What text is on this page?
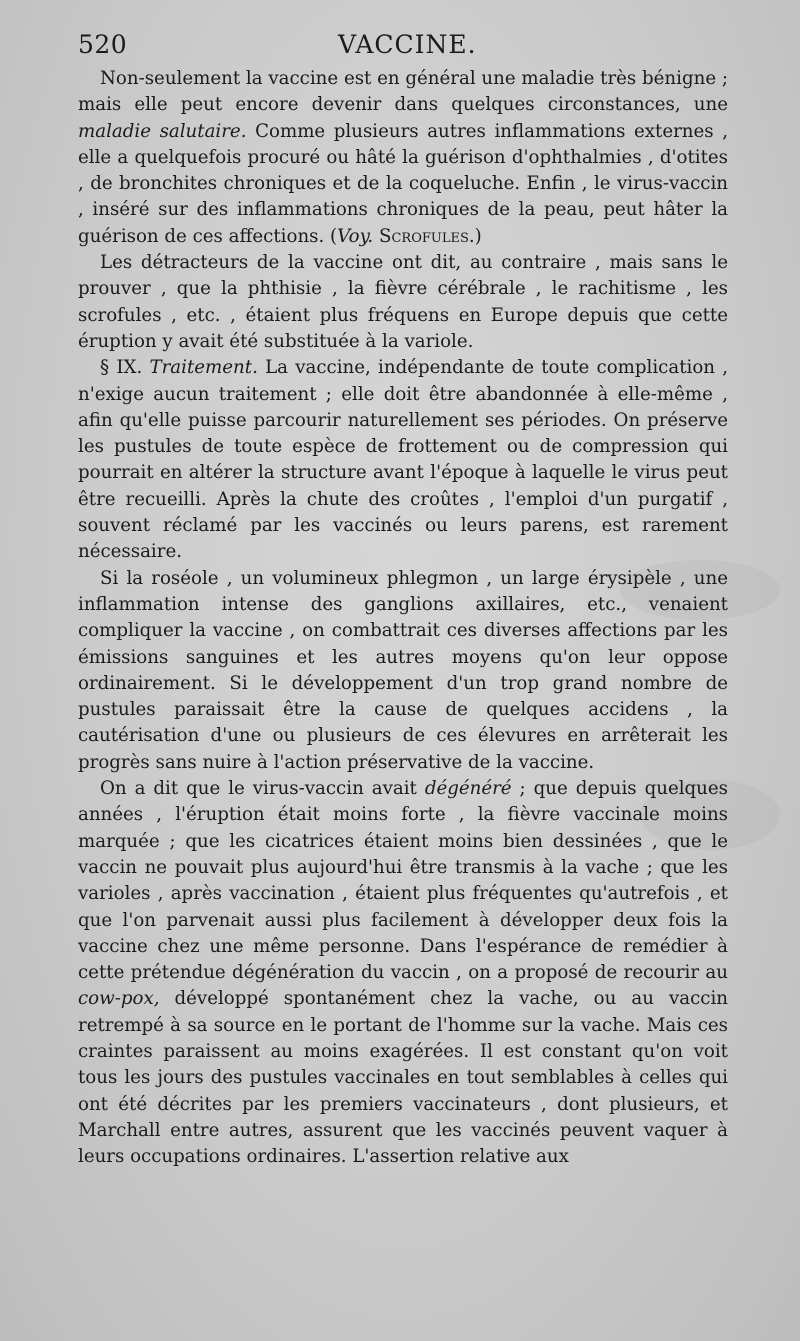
520	VACCINE.

Non-seulement la vaccine est en général une maladie très bénigne ; mais elle peut encore devenir dans quelques circonstances, une maladie salutaire. Comme plusieurs autres inflammations externes , elle a quelquefois procuré ou hâté la guérison d'ophthalmies , d'otites , de bronchites chroniques et de la coqueluche. Enfin , le virus-vaccin , inséré sur des inflammations chroniques de la peau, peut hâter la guérison de ces affections. (Voy. Scrofules.)

Les détracteurs de la vaccine ont dit, au contraire , mais sans le prouver , que la phthisie , la fièvre cérébrale , le rachitisme , les scrofules , etc. , étaient plus fréquens en Europe depuis que cette éruption y avait été substituée à la variole.

§ IX. Traitement. La vaccine, indépendante de toute complication , n'exige aucun traitement ; elle doit être abandonnée à elle-même , afin qu'elle puisse parcourir naturellement ses périodes. On préserve les pustules de toute espèce de frottement ou de compression qui pourrait en altérer la structure avant l'époque à laquelle le virus peut être recueilli. Après la chute des croûtes , l'emploi d'un purgatif , souvent réclamé par les vaccinés ou leurs parens, est rarement nécessaire.

Si la roséole , un volumineux phlegmon , un large érysipèle , une inflammation intense des ganglions axillaires, etc., venaient compliquer la vaccine , on combattrait ces diverses affections par les émissions sanguines et les autres moyens qu'on leur oppose ordinairement. Si le développement d'un trop grand nombre de pustules paraissait être la cause de quelques accidens , la cautérisation d'une ou plusieurs de ces élevures en arrêterait les progrès sans nuire à l'action préservative de la vaccine.

On a dit que le virus-vaccin avait dégénéré ; que depuis quelques années , l'éruption était moins forte , la fièvre vaccinale moins marquée ; que les cicatrices étaient moins bien dessinées , que le vaccin ne pouvait plus aujourd'hui être transmis à la vache ; que les varioles , après vaccination , étaient plus fréquentes qu'autrefois , et que l'on parvenait aussi plus facilement à développer deux fois la vaccine chez une même personne. Dans l'espérance de remédier à cette prétendue dégénération du vaccin , on a proposé de recourir au cow-pox, développé spontanément chez la vache, ou au vaccin retrempé à sa source en le portant de l'homme sur la vache. Mais ces craintes paraissent au moins exagérées. Il est constant qu'on voit tous les jours des pustules vaccinales en tout semblables à celles qui ont été décrites par les premiers vaccinateurs , dont plusieurs, et Marchall entre autres, assurent que les vaccinés peuvent vaquer à leurs occupations ordinaires. L'assertion relative aux
